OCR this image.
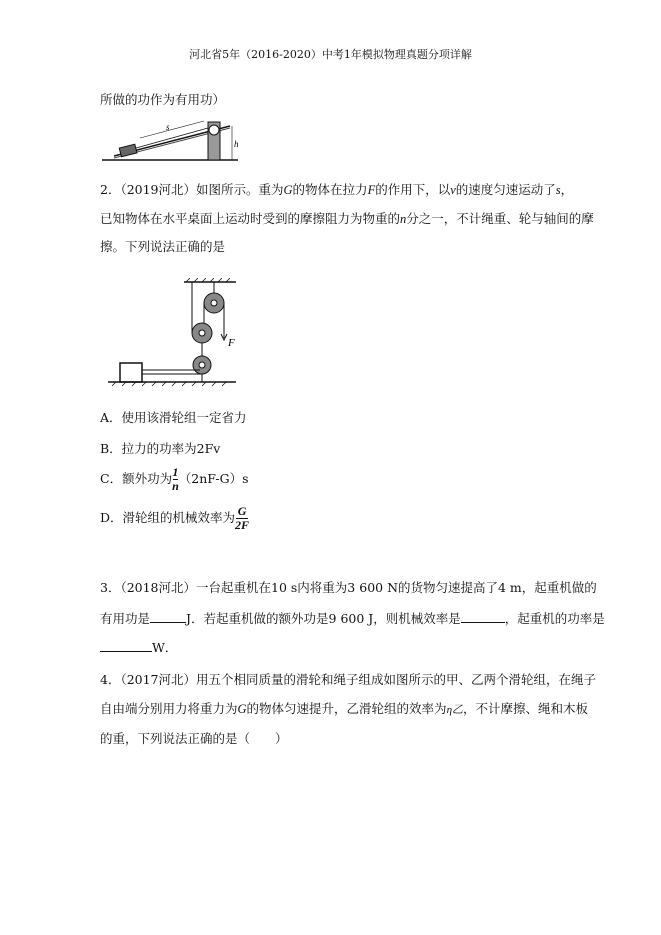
河北省5年（2016-2020）中考1年模拟物理真题分项详解
所做的功作为有用功）
s
h
2．（2019河北）如图所示。重为G的物体在拉力F的作用下，以v的速度匀速运动了s，
已知物体在水平桌面上运动时受到的摩擦阻力为物重的n分之一，不计绳重、轮与轴间的摩
擦。下列说法正确的是
F
A．使用该滑轮组一定省力
B．拉力的功率为2Fv
C．额外功为$\frac{1}{n}(2nF-G)s$
D．滑轮组的机械效率为$\frac{G}{2F}$
3．（2018河北）一台起重机在10 s内将重为3 600 N的货物匀速提高了4 m，起重机做的
有用功是	J．若起重机做的额外功是9 600 J，则机械效率是	，起重机的功率是
W．
4．（2017河北）用五个相同质量的滑轮和绳子组成如图所示的甲、乙两个滑轮组，在绳子
自由端分别用力将重力为G的物体匀速提升，乙滑轮组的效率为η乙，不计摩擦、绳和木板
的重，下列说法正确的是（　　）
